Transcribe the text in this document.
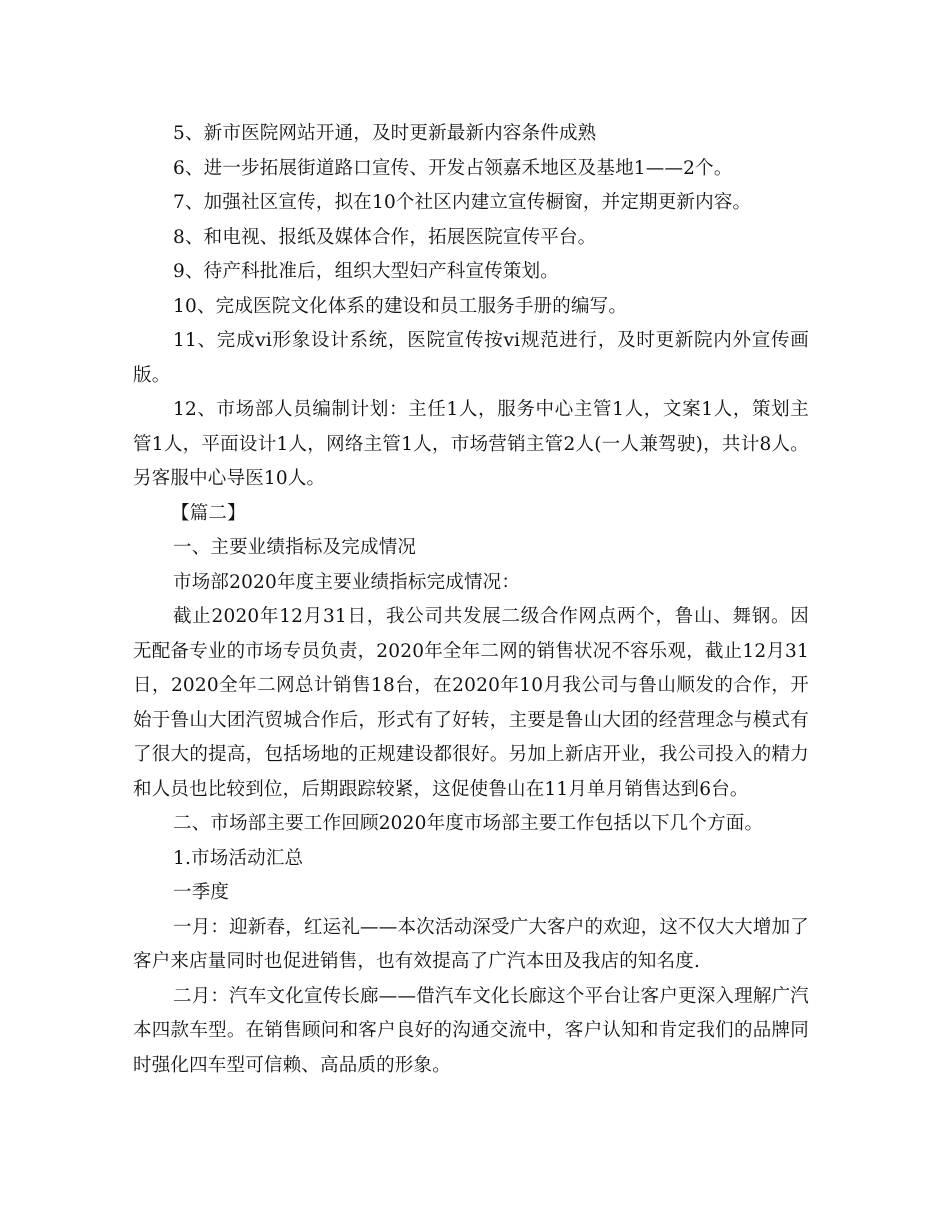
5、新市医院网站开通，及时更新最新内容条件成熟

6、进一步拓展街道路口宣传、开发占领嘉禾地区及基地1——2个。

7、加强社区宣传，拟在10个社区内建立宣传橱窗，并定期更新内容。

8、和电视、报纸及媒体合作，拓展医院宣传平台。

9、待产科批准后，组织大型妇产科宣传策划。

10、完成医院文化体系的建设和员工服务手册的编写。

11、完成vi形象设计系统，医院宣传按vi规范进行，及时更新院内外宣传画版。

12、市场部人员编制计划：主任1人，服务中心主管1人，文案1人，策划主管1人，平面设计1人，网络主管1人，市场营销主管2人(一人兼驾驶)，共计8人。另客服中心导医10人。

【篇二】

一、主要业绩指标及完成情况

市场部2020年度主要业绩指标完成情况：

截止2020年12月31日，我公司共发展二级合作网点两个，鲁山、舞钢。因无配备专业的市场专员负责，2020年全年二网的销售状况不容乐观，截止12月31日，2020全年二网总计销售18台，在2020年10月我公司与鲁山顺发的合作，开始于鲁山大团汽贸城合作后，形式有了好转，主要是鲁山大团的经营理念与模式有了很大的提高，包括场地的正规建设都很好。另加上新店开业，我公司投入的精力和人员也比较到位，后期跟踪较紧，这促使鲁山在11月单月销售达到6台。

二、市场部主要工作回顾2020年度市场部主要工作包括以下几个方面。

1.市场活动汇总

一季度

一月：迎新春，红运礼——本次活动深受广大客户的欢迎，这不仅大大增加了客户来店量同时也促进销售，也有效提高了广汽本田及我店的知名度.

二月：汽车文化宣传长廊——借汽车文化长廊这个平台让客户更深入理解广汽本四款车型。在销售顾问和客户良好的沟通交流中，客户认知和肯定我们的品牌同时强化四车型可信赖、高品质的形象。
